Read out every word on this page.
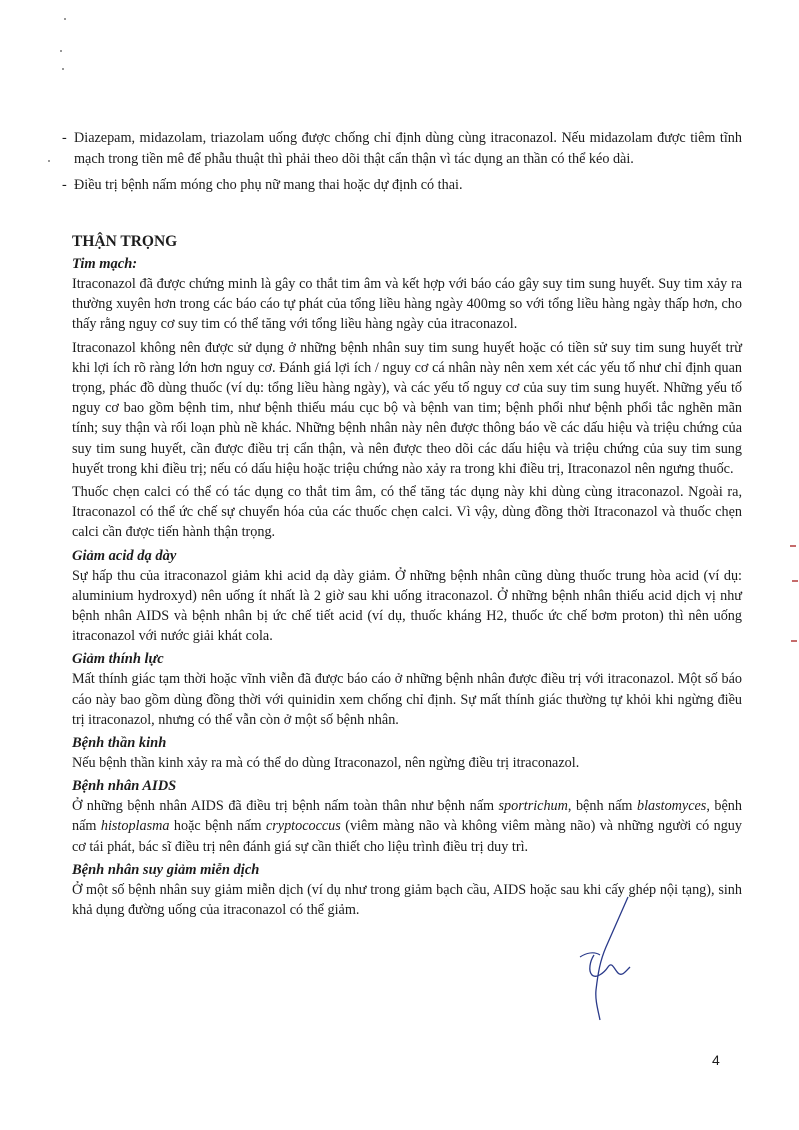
- Diazepam, midazolam, triazolam uống được chống chỉ định dùng cùng itraconazol. Nếu midazolam được tiêm tĩnh mạch trong tiền mê để phẫu thuật thì phải theo dõi thật cẩn thận vì tác dụng an thần có thể kéo dài.
- Điều trị bệnh nấm móng cho phụ nữ mang thai hoặc dự định có thai.
THẬN TRỌNG
Tim mạch:

Itraconazol đã được chứng minh là gây co thắt tim âm và kết hợp với báo cáo gây suy tim sung huyết. Suy tim xảy ra thường xuyên hơn trong các báo cáo tự phát của tổng liều hàng ngày 400mg so với tổng liều hàng ngày thấp hơn, cho thấy rằng nguy cơ suy tim có thể tăng với tổng liều hàng ngày của itraconazol.

Itraconazol không nên được sử dụng ở những bệnh nhân suy tim sung huyết hoặc có tiền sử suy tim sung huyết trừ khi lợi ích rõ ràng lớn hơn nguy cơ. Đánh giá lợi ích / nguy cơ cá nhân này nên xem xét các yếu tố như chỉ định quan trọng, phác đồ dùng thuốc (ví dụ: tổng liều hàng ngày), và các yếu tố nguy cơ của suy tim sung huyết. Những yếu tố nguy cơ bao gồm bệnh tim, như bệnh thiếu máu cục bộ và bệnh van tim; bệnh phổi như bệnh phổi tắc nghẽn mãn tính; suy thận và rối loạn phù nề khác. Những bệnh nhân này nên được thông báo về các dấu hiệu và triệu chứng của suy tim sung huyết, cần được điều trị cẩn thận, và nên được theo dõi các dấu hiệu và triệu chứng của suy tim sung huyết trong khi điều trị; nếu có dấu hiệu hoặc triệu chứng nào xảy ra trong khi điều trị, Itraconazol nên ngưng thuốc.

Thuốc chẹn calci có thể có tác dụng co thắt tim âm, có thể tăng tác dụng này khi dùng cùng itraconazol. Ngoài ra, Itraconazol có thể ức chế sự chuyển hóa của các thuốc chẹn calci. Vì vậy, dùng đồng thời Itraconazol và thuốc chẹn calci cần được tiến hành thận trọng.

Giảm acid dạ dày

Sự hấp thu của itraconazol giảm khi acid dạ dày giảm. Ở những bệnh nhân cũng dùng thuốc trung hòa acid (ví dụ: aluminium hydroxyd) nên uống ít nhất là 2 giờ sau khi uống itraconazol. Ở những bệnh nhân thiếu acid dịch vị như bệnh nhân AIDS và bệnh nhân bị ức chế tiết acid (ví dụ, thuốc kháng H2, thuốc ức chế bơm proton) thì nên uống itraconazol với nước giải khát cola.

Giảm thính lực

Mất thính giác tạm thời hoặc vĩnh viễn đã được báo cáo ở những bệnh nhân được điều trị với itraconazol. Một số báo cáo này bao gồm dùng đồng thời với quinidin xem chống chỉ định. Sự mất thính giác thường tự khỏi khi ngừng điều trị itraconazol, nhưng có thể vẫn còn ở một số bệnh nhân.

Bệnh thần kinh

Nếu bệnh thần kinh xảy ra mà có thể do dùng Itraconazol, nên ngừng điều trị itraconazol.

Bệnh nhân AIDS

Ở những bệnh nhân AIDS đã điều trị bệnh nấm toàn thân như bệnh nấm sportrichum, bệnh nấm blastomyces, bệnh nấm histoplasma hoặc bệnh nấm cryptococcus (viêm màng não và không viêm màng não) và những người có nguy cơ tái phát, bác sĩ điều trị nên đánh giá sự cần thiết cho liệu trình điều trị duy trì.

Bệnh nhân suy giảm miễn dịch

Ở một số bệnh nhân suy giảm miễn dịch (ví dụ như trong giảm bạch cầu, AIDS hoặc sau khi cấy ghép nội tạng), sinh khả dụng đường uống của itraconazol có thể giảm.

4
